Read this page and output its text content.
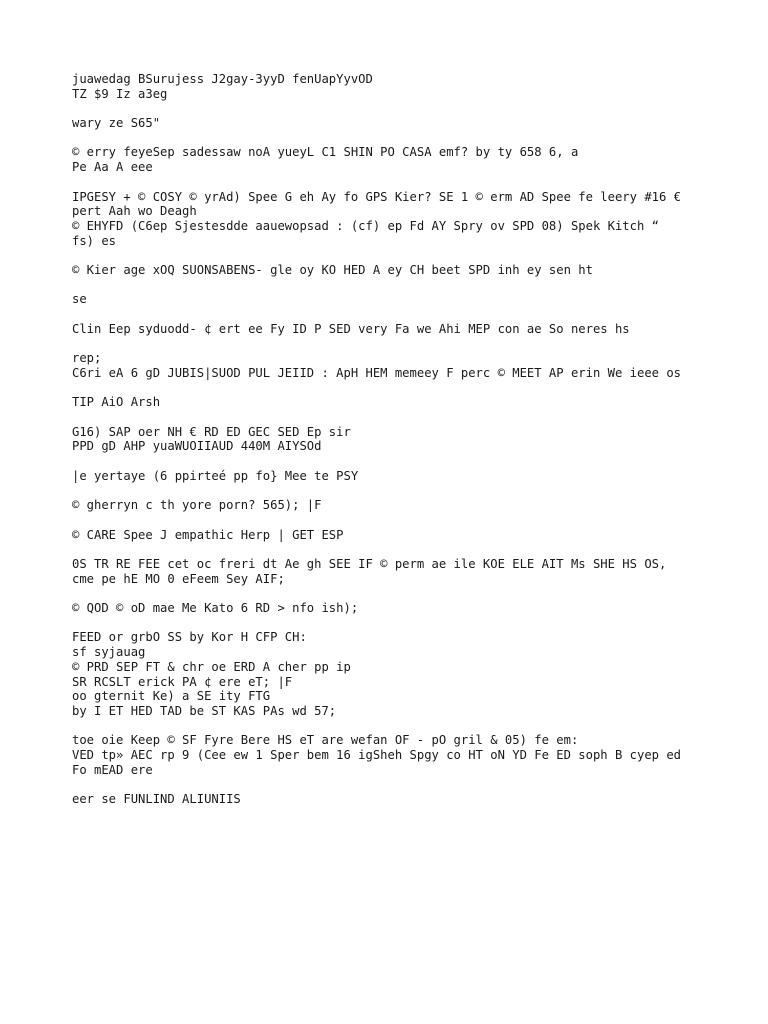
juawedag BSurujess J2gay-3yyD fenUapYyvOD
TZ $9 Iz a3eg
wary ze S65"
© erry feyeSep sadessaw noA yueyL C1 SHIN PO CASA emf? by ty 658 6, a
Pe Aa A eee
IPGESY + © COSY © yrAd) Spee G eh Ay fo GPS Kier? SE 1 © erm AD Spee fe leery #16 €
pert Aah wo Deagh
© EHYFD (C6ep Sjestesdde aauewopsad : (cf) ep Fd AY Spry ov SPD 08) Spek Kitch “
fs) es
© Kier age xOQ SUONSABENS- gle oy KO HED A ey CH beet SPD inh ey sen ht
se
Clin Eep syduodd- ¢ ert ee Fy ID P SED very Fa we Ahi MEP con ae So neres hs
rep;
C6ri eA 6 gD JUBIS|SUOD PUL JEIID : ApH HEM memeey F perc © MEET AP erin We ieee os
TIP AiO Arsh
G16) SAP oer NH € RD ED GEC SED Ep sir
PPD gD AHP yuaWUOIIAUD 440M AIYSOd
|e yertaye (6 ppirteé pp fo} Mee te PSY
© gherryn c th yore porn? 565); |F
© CARE Spee J empathic Herp | GET ESP
0S TR RE FEE cet oc freri dt Ae gh SEE IF © perm ae ile KOE ELE AIT Ms SHE HS OS,
cme pe hE MO 0 eFeem Sey AIF;
© QOD © oD mae Me Kato 6 RD > nfo ish);
FEED or grbO SS by Kor H CFP CH:
sf syjauag
© PRD SEP FT & chr oe ERD A cher pp ip
SR RCSLT erick PA ¢ ere eT; |F
oo gternit Ke) a SE ity FTG
by I ET HED TAD be ST KAS PAs wd 57;
toe oie Keep © SF Fyre Bere HS eT are wefan OF - pO gril & 05) fe em:
VED tp» AEC rp 9 (Cee ew 1 Sper bem 16 igSheh Spgy co HT oN YD Fe ED soph B cyep ed
Fo mEAD ere
eer se FUNLIND ALIUNIIS
